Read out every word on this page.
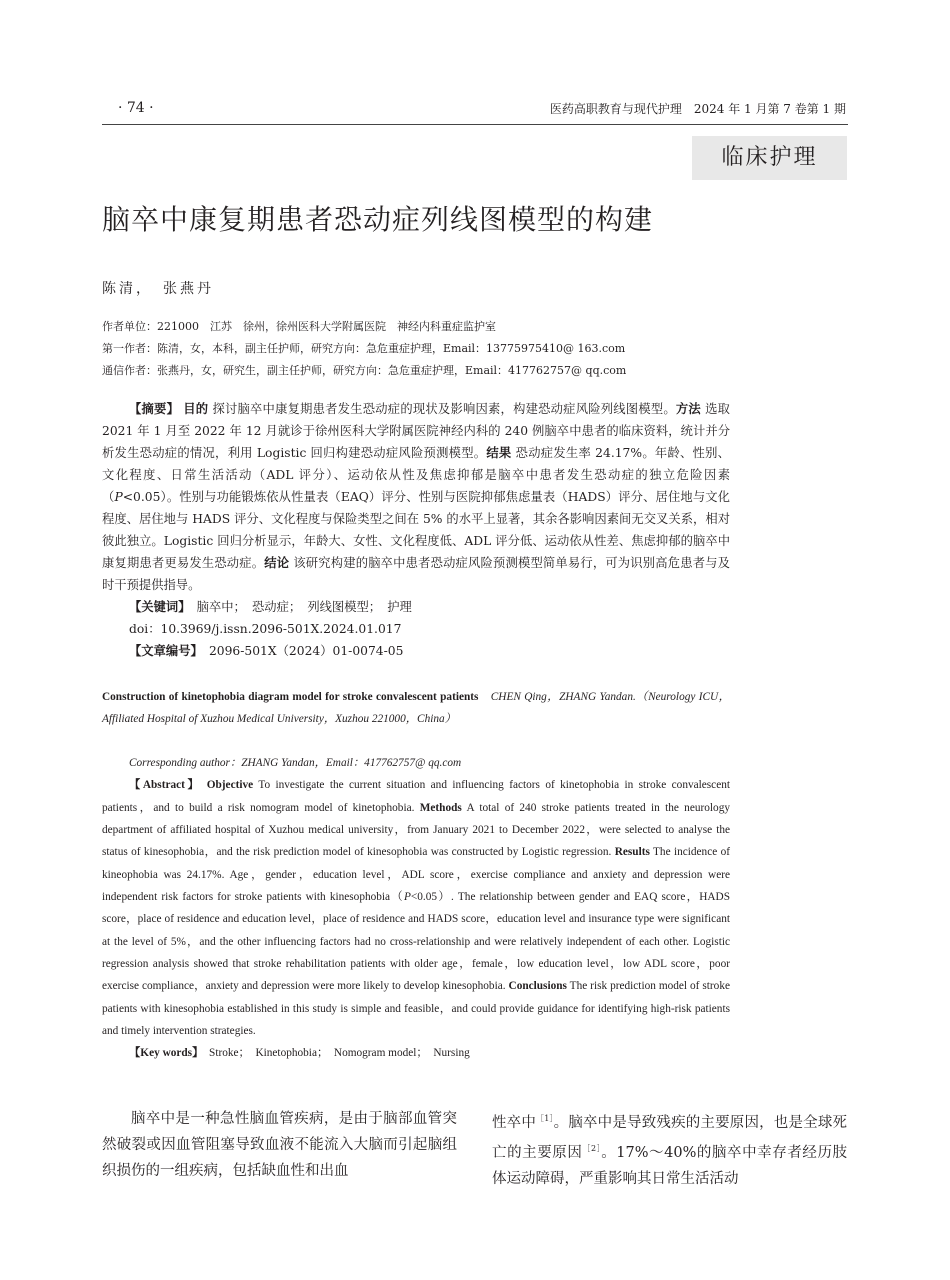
· 74 ·	医药高职教育与现代护理　2024 年 1 月第 7 卷第 1 期
临床护理
脑卒中康复期患者恐动症列线图模型的构建
陈清，　张燕丹
作者单位：221000　江苏　徐州，徐州医科大学附属医院　神经内科重症监护室
第一作者：陈清，女，本科，副主任护师，研究方向：急危重症护理，Email：13775975410@ 163.com
通信作者：张燕丹，女，研究生，副主任护师，研究方向：急危重症护理，Email：417762757@ qq.com

【摘要】 目的 探讨脑卒中康复期患者发生恐动症的现状及影响因素，构建恐动症风险列线图模型。方法 选取 2021 年 1 月至 2022 年 12 月就诊于徐州医科大学附属医院神经内科的 240 例脑卒中患者的临床资料，统计并分析发生恐动症的情况，利用 Logistic 回归构建恐动症风险预测模型。结果 恐动症发生率 24.17%。年龄、性别、文化程度、日常生活活动（ADL 评分）、运动依从性及焦虑抑郁是脑卒中患者发生恐动症的独立危险因素（P<0.05）。性别与功能锻炼依从性量表（EAQ）评分、性别与医院抑郁焦虑量表（HADS）评分、居住地与文化程度、居住地与 HADS 评分、文化程度与保险类型之间在 5% 的水平上显著，其余各影响因素间无交叉关系，相对彼此独立。Logistic 回归分析显示，年龄大、女性、文化程度低、ADL 评分低、运动依从性差、焦虑抑郁的脑卒中康复期患者更易发生恐动症。结论 该研究构建的脑卒中患者恐动症风险预测模型简单易行，可为识别高危患者与及时干预提供指导。

【关键词】　 脑卒中；　恐动症；　列线图模型；　护理

doi：10.3969/j.issn.2096-501X.2024.01.017

【文章编号】　 2096-501X（2024）01-0074-05

Construction of kinetophobia diagram model for stroke convalescent patients　 CHEN Qing，ZHANG Yandan.（Neurology ICU，Affiliated Hospital of Xuzhou Medical University，Xuzhou 221000，China）

Corresponding author：ZHANG Yandan，Email：417762757@ qq.com

【Abstract】 Objective To investigate the current situation and influencing factors of kinetophobia in stroke convalescent patients，and to build a risk nomogram model of kinetophobia. Methods A total of 240 stroke patients treated in the neurology department of affiliated hospital of Xuzhou medical university，from January 2021 to December 2022，were selected to analyse the status of kinesophobia，and the risk prediction model of kinesophobia was constructed by Logistic regression. Results The incidence of kineophobia was 24.17%. Age，gender，education level，ADL score，exercise compliance and anxiety and depression were independent risk factors for stroke patients with kinesophobia（P<0.05）. The relationship between gender and EAQ score，HADS score，place of residence and education level，place of residence and HADS score，education level and insurance type were significant at the level of 5%，and the other influencing factors had no cross-relationship and were relatively independent of each other. Logistic regression analysis showed that stroke rehabilitation patients with older age，female，low education level，low ADL score，poor exercise compliance，anxiety and depression were more likely to develop kinesophobia. Conclusions The risk prediction model of stroke patients with kinesophobia established in this study is simple and feasible，and could provide guidance for identifying high-risk patients and timely intervention strategies.

【Key words】　 Stroke；　Kinetophobia；　Nomogram model；　Nursing

脑卒中是一种急性脑血管疾病，是由于脑部血管突然破裂或因血管阻塞导致血液不能流入大脑而引起脑组织损伤的一组疾病，包括缺血性和出血

性卒中$^{[1]}$。脑卒中是导致残疾的主要原因，也是全球死亡的主要原因$^{[2]}$。17%～40%的脑卒中幸存者经历肢体运动障碍，严重影响其日常生活活动
